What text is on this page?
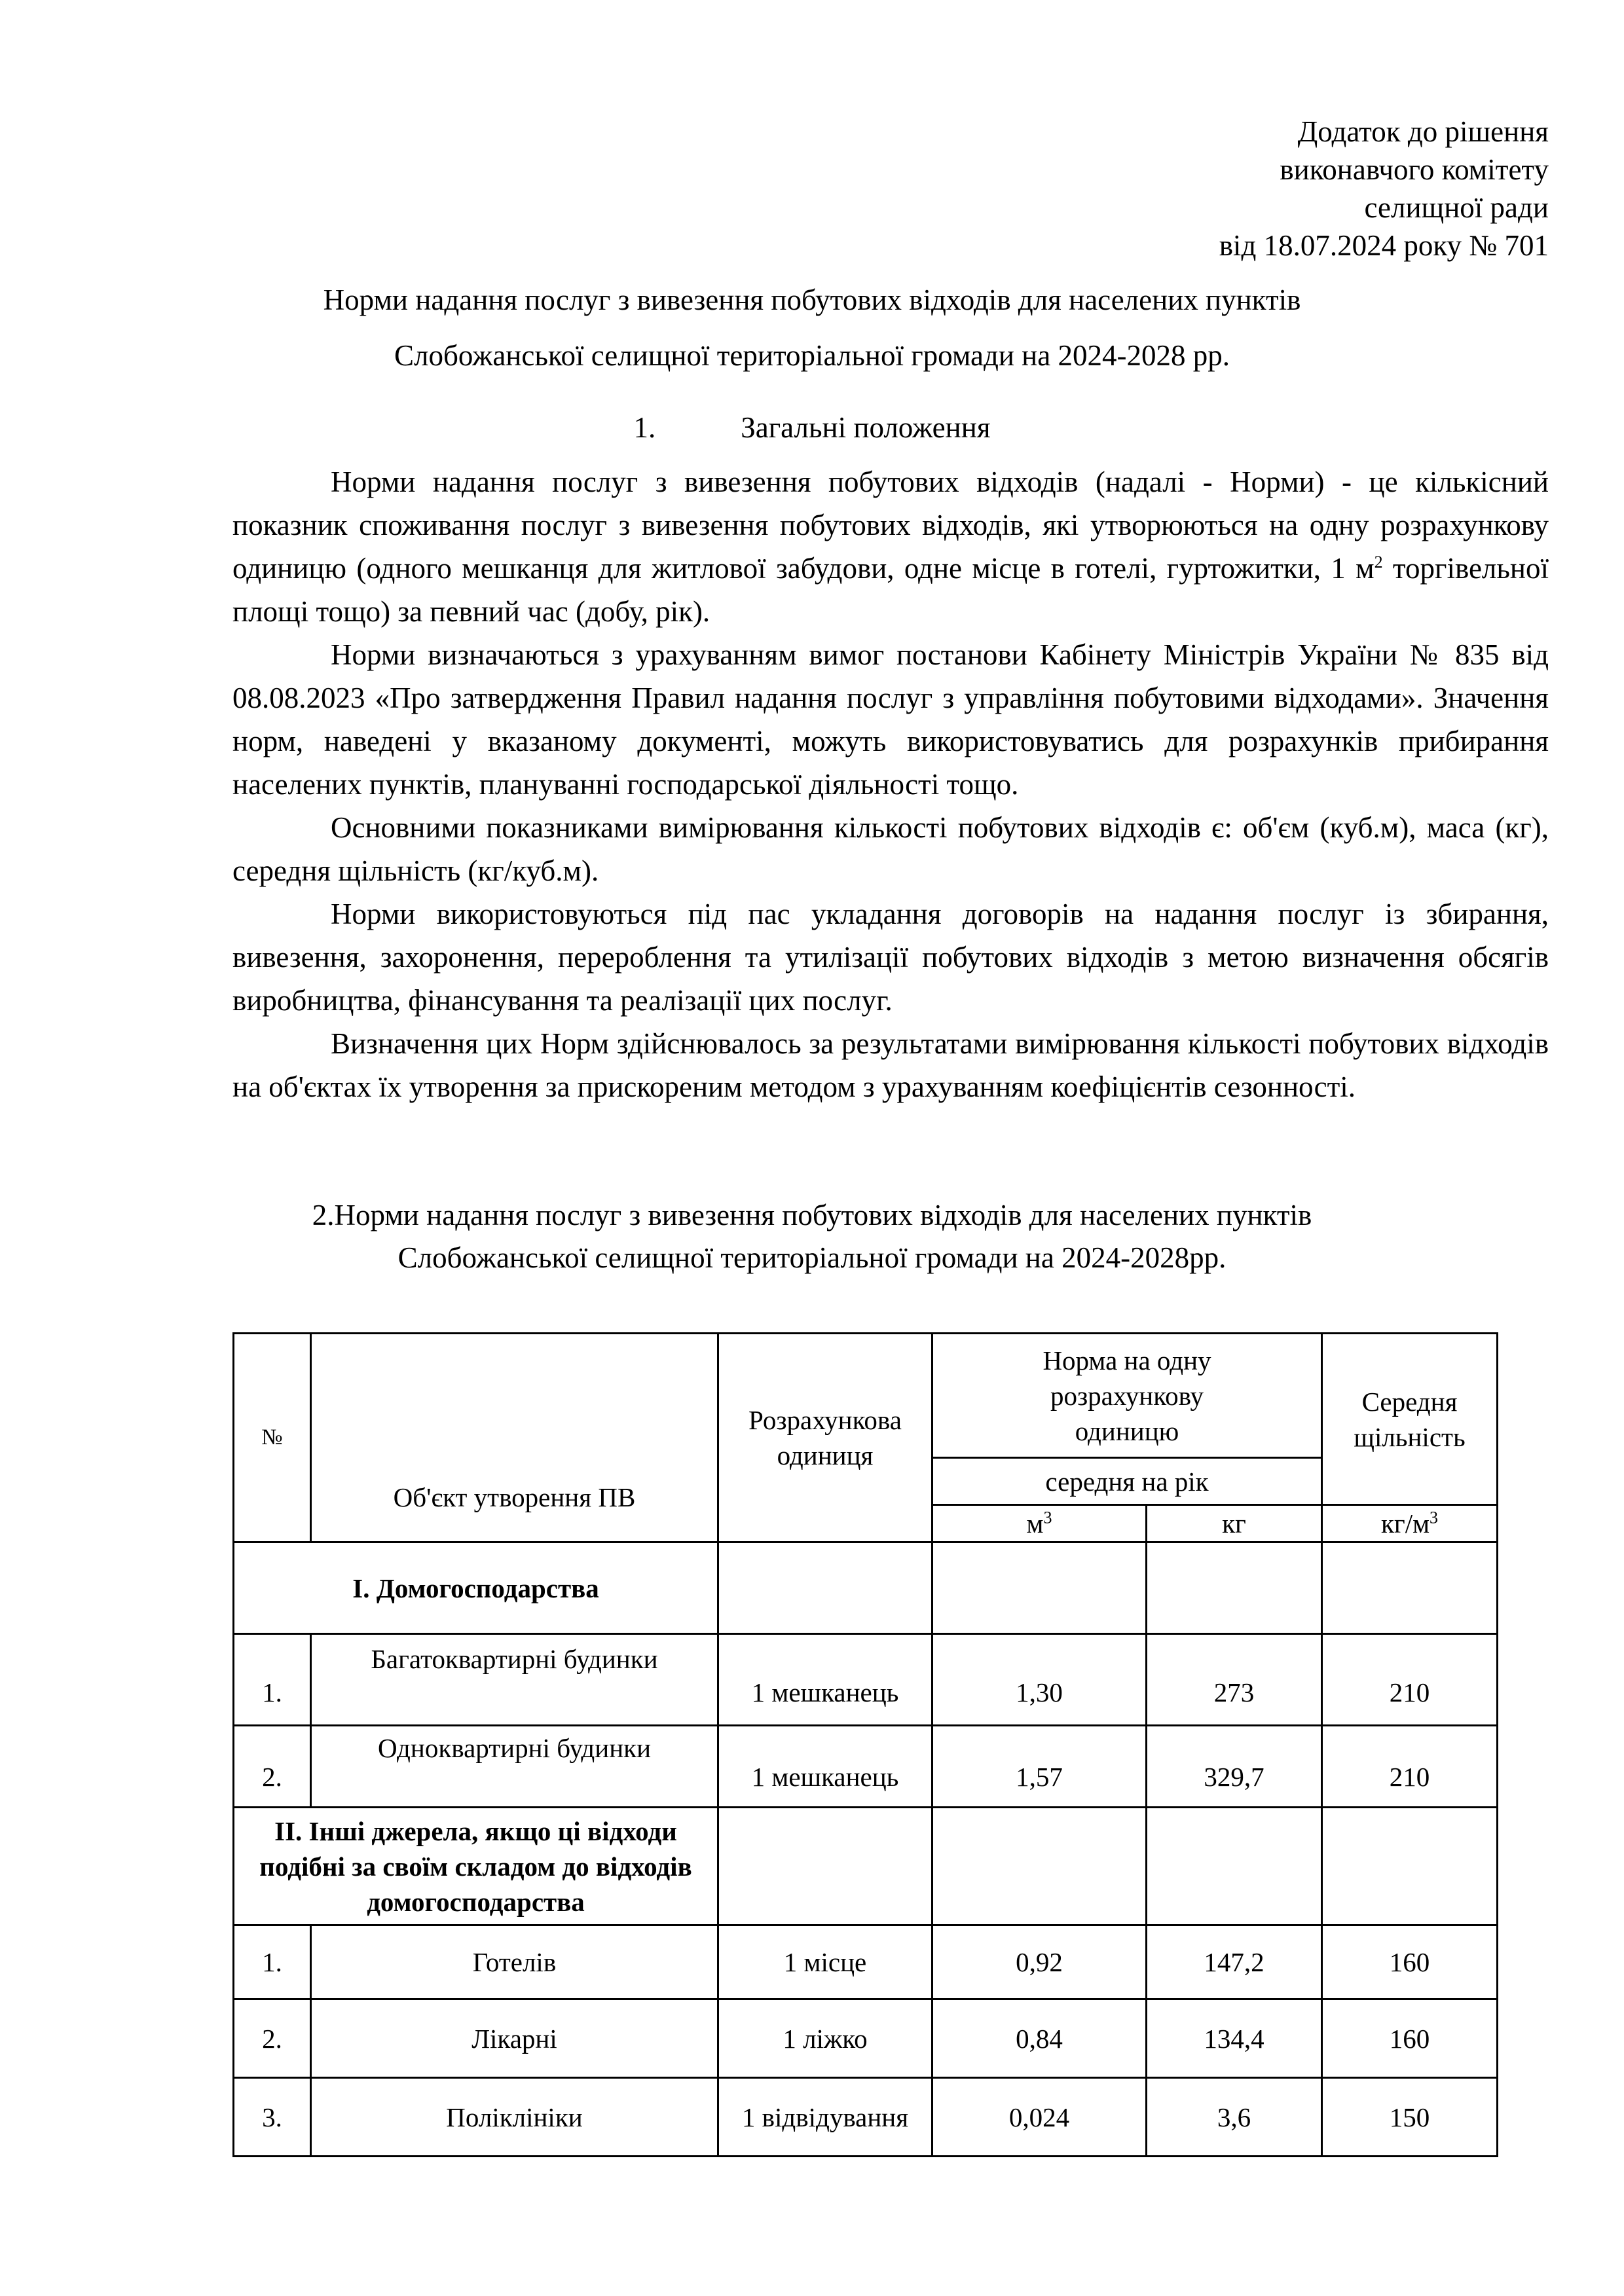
Додаток до рішення
виконавчого комітету
селищної ради
від 18.07.2024 року № 701
Норми надання послуг з вивезення побутових відходів для населених пунктів
Слобожанської селищної територіальної громади на 2024-2028 рр.
1.	Загальні положення

Норми надання послуг з вивезення побутових відходів (надалі - Норми) - це кількісний показник споживання послуг з вивезення побутових відходів, які утворюються на одну розрахункову одиницю (одного мешканця для житлової забудови, одне місце в готелі, гуртожитки, 1 $м^2$ торгівельної площі тощо) за певний час (добу, рік).

Норми визначаються з урахуванням вимог постанови Кабінету Міністрів України № 835 від 08.08.2023 «Про затвердження Правил надання послуг з управління побутовими відходами». Значення норм, наведені у вказаному документі, можуть використовуватись для розрахунків прибирання населених пунктів, плануванні господарської діяльності тощо.

Основними показниками вимірювання кількості побутових відходів є: об'єм (куб.м), маса (кг), середня щільність (кг/куб.м).

Норми використовуються під пас укладання договорів на надання послуг із збирання, вивезення, захоронення, перероблення та утилізації побутових відходів з метою визначення обсягів виробництва, фінансування та реалізації цих послуг.

Визначення цих Норм здійснювалось за результатами вимірювання кількості побутових відходів на об'єктах їх утворення за прискореним методом з урахуванням коефіцієнтів сезонності.

2.Норми надання послуг з вивезення побутових відходів для населених пунктів
Слобожанської селищної територіальної громади на 2024-2028рр.
№	Об'єкт утворення ПВ	Розрахункова одиниця	Норма на одну розрахункову одиницю		Середня щільність
			середня на рік		
			$м^3$	кг	$кг/м^3$
I. Домогосподарства					
1.	Багатоквартирні будинки	1 мешканець	1,30	273	210
2.	Одноквартирні будинки	1 мешканець	1,57	329,7	210
II. Інші джерела, якщо ці відходи подібні за своїм складом до відходів домогосподарства					
1.	Готелів	1 місце	0,92	147,2	160
2.	Лікарні	1 ліжко	0,84	134,4	160
3.	Поліклініки	1 відвідування	0,024	3,6	150
